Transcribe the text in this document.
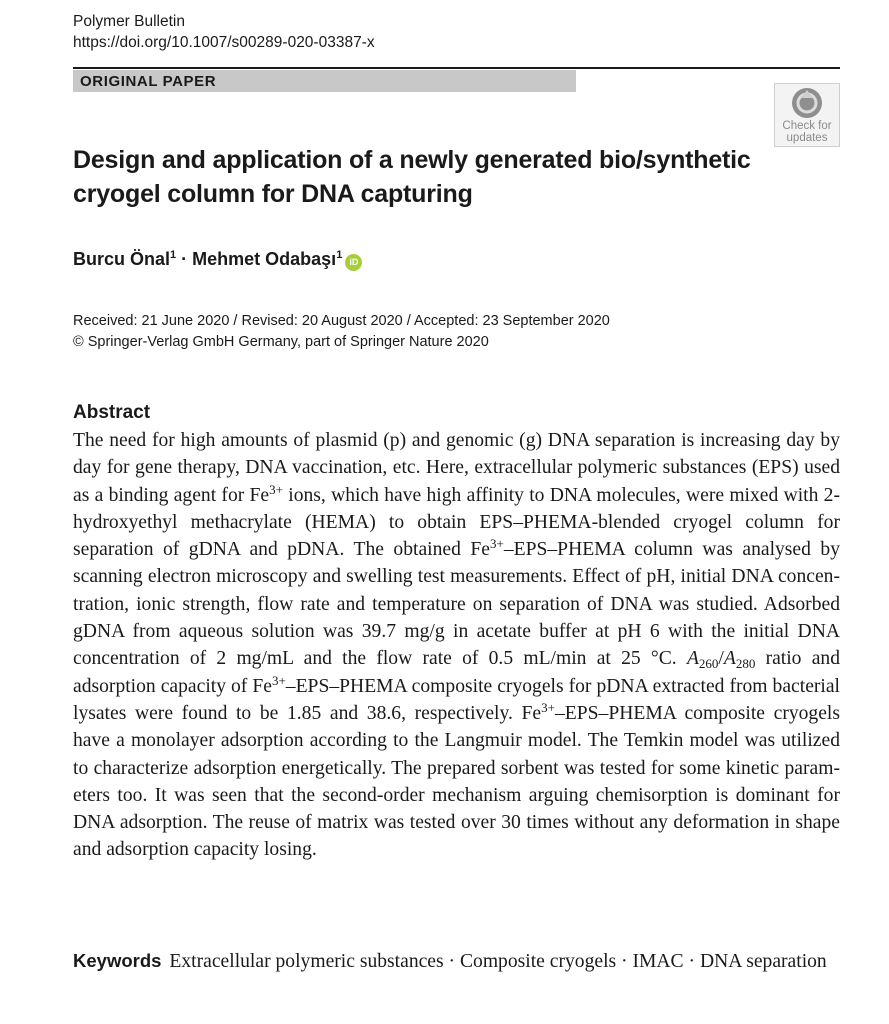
Polymer Bulletin
https://doi.org/10.1007/s00289-020-03387-x
ORIGINAL PAPER
Check for
updates
Design and application of a newly generated bio/synthetic cryogel column for DNA capturing
Burcu Önal$^1$ · Mehmet Odabaşı$^1$iD
Received: 21 June 2020 / Revised: 20 August 2020 / Accepted: 23 September 2020
© Springer-Verlag GmbH Germany, part of Springer Nature 2020
Abstract
The need for high amounts of plasmid (p) and genomic (g) DNA separation is increasing day by day for gene therapy, DNA vaccination, etc. Here, extracellular polymeric substances (EPS) used as a binding agent for $Fe^{3+}$ ions, which have high affinity to DNA molecules, were mixed with 2-hydroxyethyl methacrylate (HEMA) to obtain EPS–PHEMA-blended cryogel column for separation of gDNA and pDNA. The obtained $Fe^{3+}-EPS$–PHEMA column was analysed by scanning electron microscopy and swelling test measurements. Effect of pH, initial DNA concentration, ionic strength, flow rate and temperature on separation of DNA was studied. Adsorbed gDNA from aqueous solution was 39.7 mg/g in acetate buffer at pH 6 with the initial DNA concentration of 2 mg/mL and the flow rate of 0.5 mL/min at 25 °C. $A_{260}/A_{280}$ ratio and adsorption capacity of $Fe^{3+}-EPS$–PHEMA composite cryogels for pDNA extracted from bacterial lysates were found to be 1.85 and 38.6, respectively. $Fe^{3+}-EPS$–PHEMA composite cryogels have a monolayer adsorption according to the Langmuir model. The Temkin model was utilized to characterize adsorption energetically. The prepared sorbent was tested for some kinetic parameters too. It was seen that the second-order mechanism arguing chemisorption is dominant for DNA adsorption. The reuse of matrix was tested over 30 times without any deformation in shape and adsorption capacity losing.
Keywords Extracellular polymeric substances · Composite cryogels · IMAC · DNA separation
